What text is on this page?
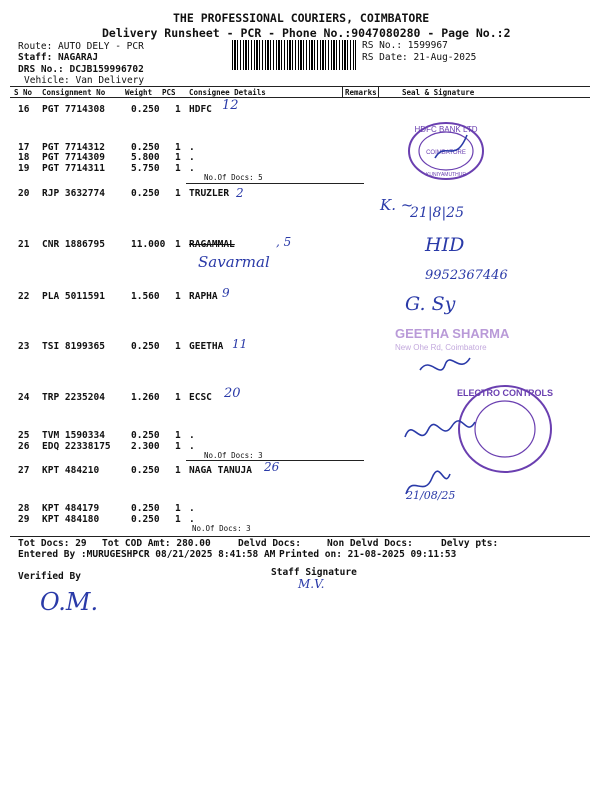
THE PROFESSIONAL COURIERS, COIMBATORE
Delivery Runsheet - PCR - Phone No.:9047080280 - Page No.:2
Route: AUTO DELY - PCR
Staff: NAGARAJ
DRS No.: DCJB159996702
Vehicle: Van Delivery
RS No.: 1599967
RS Date: 21-Aug-2025
S No Consignment No	Weight PCS Consignee Details	Remarks	Seal & Signature
16 PGT 7714308	0.250 1 HDFC
17 PGT 7714312	0.250 1 .
18 PGT 7714309	5.800 1 .
19 PGT 7714311	5.750 1 .
No.Of Docs: 5
20 RJP 3632774	0.250 1 TRUZLER
21 CNR 1886795	11.000 1 RAGAMMAL
22 PLA 5011591	1.560 1 RAPHA
23 TSI 8199365	0.250 1 GEETHA
24 TRP 2235204	1.260 1 ECSC
25 TVM 1590334	0.250 1 .
26 EDQ 22338175 2.300 1 .
No.Of Docs: 3
27 KPT 484210	0.250 1 NAGA TANUJA
28 KPT 484179	0.250 1 .
29 KPT 484180	0.250 1 .
No.Of Docs: 3
12
2
, 5
Savarmal
9
11
20
26
HDFC BANK LTD
COIMBATORE
KUNIYAMUTHUR
K. ~
21|8|25
HID
9952367446
G. Sy
GEETHA SHARMA
New Ohe Rd, Coimbatore
ELECTRO CONTROLS
21/08/25
Tot Docs: 29 Tot COD Amt: 280.00	Delvd Docs:	Non Delvd Docs:	Delvy pts:
Entered By :MURUGESHPCR 08/21/2025 8:41:58 AM Printed on: 21-08-2025 09:11:53
Verified By	Staff Signature
O.M.
M.V.
